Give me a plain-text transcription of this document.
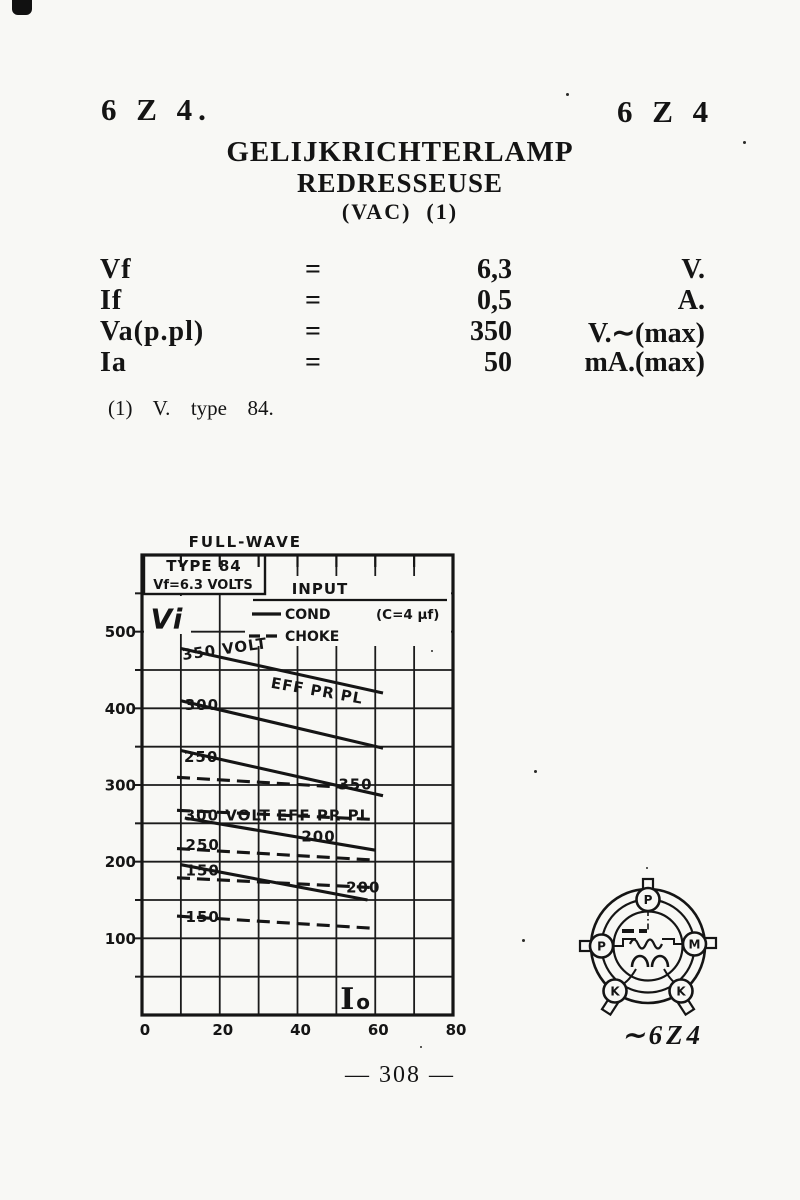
6 Z 4.	6 Z 4
GELIJKRICHTERLAMP
REDRESSEUSE
(VAC)  (1)
Vf	=	6,3	V.
If	=	0,5	A.
Va(p.pl)	=	350	V.∼(max)
Ia	=	50	mA.(max)
(1)  V.  type  84.
FULL-WAVE
TYPE 84
Vf=6.3 VOLTS	INPUT
COND
CHOKE
(C=4 μf)
350 VOLT
EFF PR PL
300
250
350
300 VOLT EFF PR PL
250	200
150
200
150
100
200
300
400
500
0	20	40	60	80
Vi
Io
P
P	M
K	K
∼6Z4
— 308 —
